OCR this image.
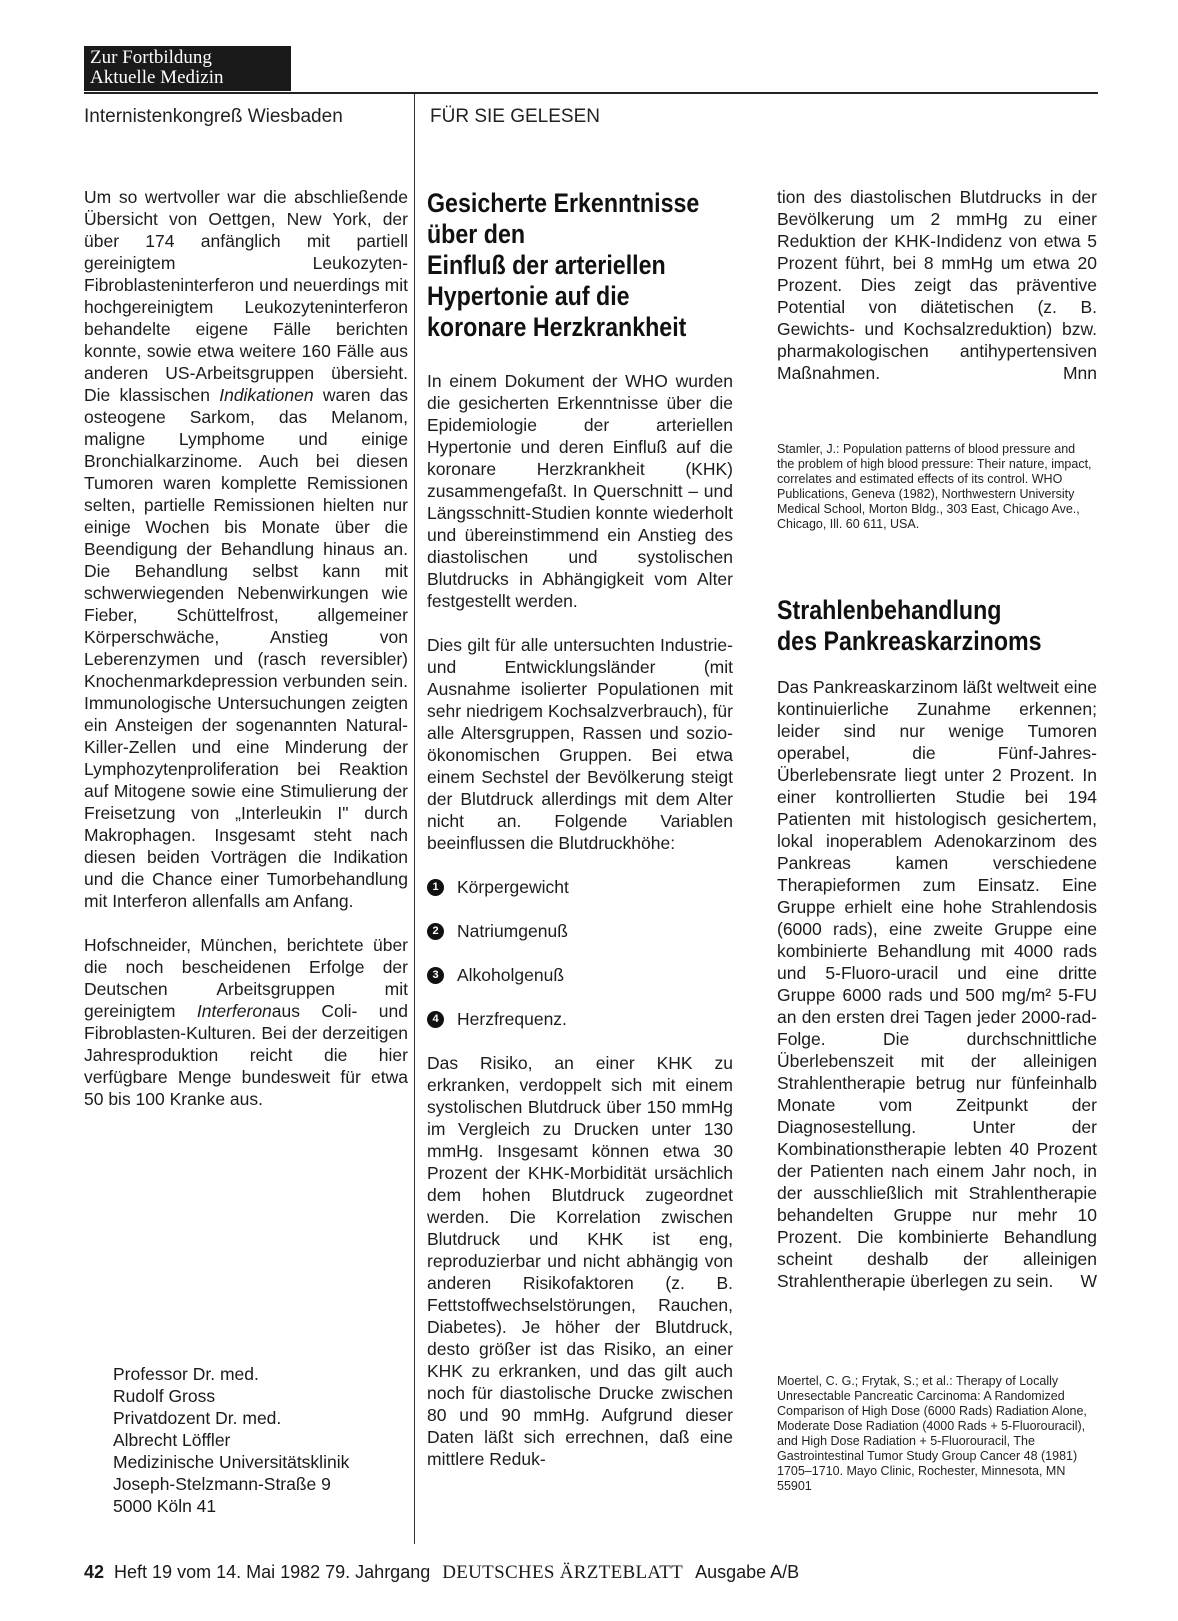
Zur Fortbildung
Aktuelle Medizin
Internistenkongreß Wiesbaden	FÜR SIE GELESEN

Um so wertvoller war die abschließende Übersicht von Oettgen, New York, der über 174 anfänglich mit partiell gereinigtem Leukozyten-Fibroblasteninterferon und neuerdings mit hochgereinigtem Leukozyteninterferon behandelte eigene Fälle berichten konnte, sowie etwa weitere 160 Fälle aus anderen US-Arbeitsgruppen übersieht. Die klassischen Indikationen waren das osteogene Sarkom, das Melanom, maligne Lymphome und einige Bronchialkarzinome. Auch bei diesen Tumoren waren komplette Remissionen selten, partielle Remissionen hielten nur einige Wochen bis Monate über die Beendigung der Behandlung hinaus an. Die Behandlung selbst kann mit schwerwiegenden Nebenwirkungen wie Fieber, Schüttelfrost, allgemeiner Körperschwäche, Anstieg von Leberenzymen und (rasch reversibler) Knochenmarkdepression verbunden sein. Immunologische Untersuchungen zeigten ein Ansteigen der sogenannten Natural-Killer-Zellen und eine Minderung der Lymphozytenproliferation bei Reaktion auf Mitogene sowie eine Stimulierung der Freisetzung von „Interleukin I" durch Makrophagen. Insgesamt steht nach diesen beiden Vorträgen die Indikation und die Chance einer Tumorbehandlung mit Interferon allenfalls am Anfang.

Hofschneider, München, berichtete über die noch bescheidenen Erfolge der Deutschen Arbeitsgruppen mit gereinigtem Interferonaus Coli- und Fibroblasten-Kulturen. Bei der derzeitigen Jahresproduktion reicht die hier verfügbare Menge bundesweit für etwa 50 bis 100 Kranke aus.

Professor Dr. med.
Rudolf Gross
Privatdozent Dr. med.
Albrecht Löffler
Medizinische Universitätsklinik
Joseph-Stelzmann-Straße 9
5000 Köln 41
Gesicherte Erkenntnisse
über den
Einfluß der arteriellen
Hypertonie auf die
koronare Herzkrankheit

In einem Dokument der WHO wurden die gesicherten Erkenntnisse über die Epidemiologie der arteriellen Hypertonie und deren Einfluß auf die koronare Herzkrankheit (KHK) zusammengefaßt. In Querschnitt – und Längsschnitt-Studien konnte wiederholt und übereinstimmend ein Anstieg des diastolischen und systolischen Blutdrucks in Abhängigkeit vom Alter festgestellt werden.

Dies gilt für alle untersuchten Industrie- und Entwicklungsländer (mit Ausnahme isolierter Populationen mit sehr niedrigem Kochsalzverbrauch), für alle Altersgruppen, Rassen und sozio-ökonomischen Gruppen. Bei etwa einem Sechstel der Bevölkerung steigt der Blutdruck allerdings mit dem Alter nicht an. Folgende Variablen beeinflussen die Blutdruckhöhe:

1	Körpergewicht
2	Natriumgenuß
3	Alkoholgenuß
4	Herzfrequenz.

Das Risiko, an einer KHK zu erkranken, verdoppelt sich mit einem systolischen Blutdruck über 150 mmHg im Vergleich zu Drucken unter 130 mmHg. Insgesamt können etwa 30 Prozent der KHK-Morbidität ursächlich dem hohen Blutdruck zugeordnet werden. Die Korrelation zwischen Blutdruck und KHK ist eng, reproduzierbar und nicht abhängig von anderen Risikofaktoren (z. B. Fettstoffwechselstörungen, Rauchen, Diabetes). Je höher der Blutdruck, desto größer ist das Risiko, an einer KHK zu erkranken, und das gilt auch noch für diastolische Drucke zwischen 80 und 90 mmHg. Aufgrund dieser Daten läßt sich errechnen, daß eine mittlere Reduk-

tion des diastolischen Blutdrucks in der Bevölkerung um 2 mmHg zu einer Reduktion der KHK-Indidenz von etwa 5 Prozent führt, bei 8 mmHg um etwa 20 Prozent. Dies zeigt das präventive Potential von diätetischen (z. B. Gewichts- und Kochsalzreduktion) bzw. pharmakologischen antihypertensiven Maßnahmen.	Mnn

Stamler, J.: Population patterns of blood pressure and the problem of high blood pressure: Their nature, impact, correlates and estimated effects of its control. WHO Publications, Geneva (1982), Northwestern University Medical School, Morton Bldg., 303 East, Chicago Ave., Chicago, Ill. 60 611, USA.
Strahlenbehandlung
des Pankreaskarzinoms

Das Pankreaskarzinom läßt weltweit eine kontinuierliche Zunahme erkennen; leider sind nur wenige Tumoren operabel, die Fünf-Jahres-Überlebensrate liegt unter 2 Prozent. In einer kontrollierten Studie bei 194 Patienten mit histologisch gesichertem, lokal inoperablem Adenokarzinom des Pankreas kamen verschiedene Therapieformen zum Einsatz. Eine Gruppe erhielt eine hohe Strahlendosis (6000 rads), eine zweite Gruppe eine kombinierte Behandlung mit 4000 rads und 5-Fluoro-uracil und eine dritte Gruppe 6000 rads und 500 mg/m² 5-FU an den ersten drei Tagen jeder 2000-rad-Folge. Die durchschnittliche Überlebenszeit mit der alleinigen Strahlentherapie betrug nur fünfeinhalb Monate vom Zeitpunkt der Diagnosestellung. Unter der Kombinationstherapie lebten 40 Prozent der Patienten nach einem Jahr noch, in der ausschließlich mit Strahlentherapie behandelten Gruppe nur mehr 10 Prozent. Die kombinierte Behandlung scheint deshalb der alleinigen Strahlentherapie überlegen zu sein. W

Moertel, C. G.; Frytak, S.; et al.: Therapy of Locally Unresectable Pancreatic Carcinoma: A Randomized Comparison of High Dose (6000 Rads) Radiation Alone, Moderate Dose Radiation (4000 Rads + 5-Fluorouracil), and High Dose Radiation + 5-Fluorouracil, The Gastrointestinal Tumor Study Group Cancer 48 (1981) 1705–1710. Mayo Clinic, Rochester, Minnesota, MN 55901
42 Heft 19 vom 14. Mai 1982 79. Jahrgang DEUTSCHES ÄRZTEBLATT Ausgabe A/B
